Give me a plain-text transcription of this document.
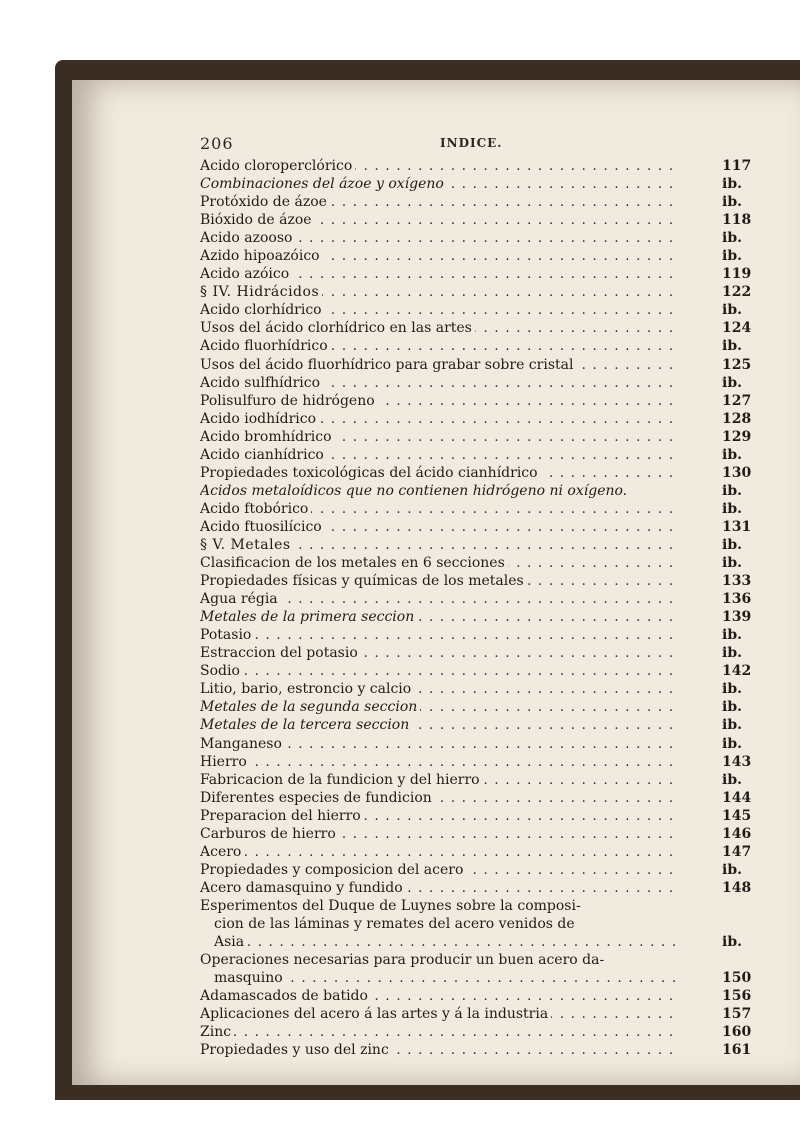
206	INDICE.
Acido cloroperclórico . . .	117
Combinaciones del ázoe y oxígeno . . .	ib.
Protóxido de ázoe . . .	ib.
Bióxido de ázoe . . .	118
Acido azooso . . .	ib.
Azido hipoazóico . . .	ib.
Acido azóico . . .	119
§ IV. Hidrácidos . . .	122
Acido clorhídrico . . .	ib.
Usos del ácido clorhídrico en las artes . . .	124
Acido fluorhídrico . . .	ib.
Usos del ácido fluorhídrico para grabar sobre cristal . . .	125
Acido sulfhídrico . . .	ib.
Polisulfuro de hidrógeno . . .	127
Acido iodhídrico . . .	128
Acido bromhídrico . . .	129
Acido cianhídrico . . .	ib.
Propiedades toxicológicas del ácido cianhídrico . . .	130
Acidos metaloídicos que no contienen hidrógeno ni oxígeno.	ib.
Acido ftobórico . . .	ib.
Acido ftuosilícico . . .	131
§ V. Metales . . .	ib.
Clasificacion de los metales en 6 secciones . . .	ib.
Propiedades físicas y químicas de los metales . . .	133
Agua régia . . .	136
Metales de la primera seccion . . .	139
Potasio . . .	ib.
Estraccion del potasio . . .	ib.
Sodio . . .	142
Litio, bario, estroncio y calcio . . .	ib.
Metales de la segunda seccion . . .	ib.
Metales de la tercera seccion . . .	ib.
Manganeso . . .	ib.
Hierro . . .	143
Fabricacion de la fundicion y del hierro . . .	ib.
Diferentes especies de fundicion . . .	144
Preparacion del hierro . . .	145
Carburos de hierro . . .	146
Acero . . .	147
Propiedades y composicion del acero . . .	ib.
Acero damasquino y fundido . . .	148
Esperimentos del Duque de Luynes sobre la composi-
cion de las láminas y remates del acero venidos de
Asia . . .	ib.
Operaciones necesarias para producir un buen acero da-
masquino . . .	150
Adamascados de batido . . .	156
Aplicaciones del acero á las artes y á la industria . . .	157
Zinc . . .	160
Propiedades y uso del zinc . . .	161
